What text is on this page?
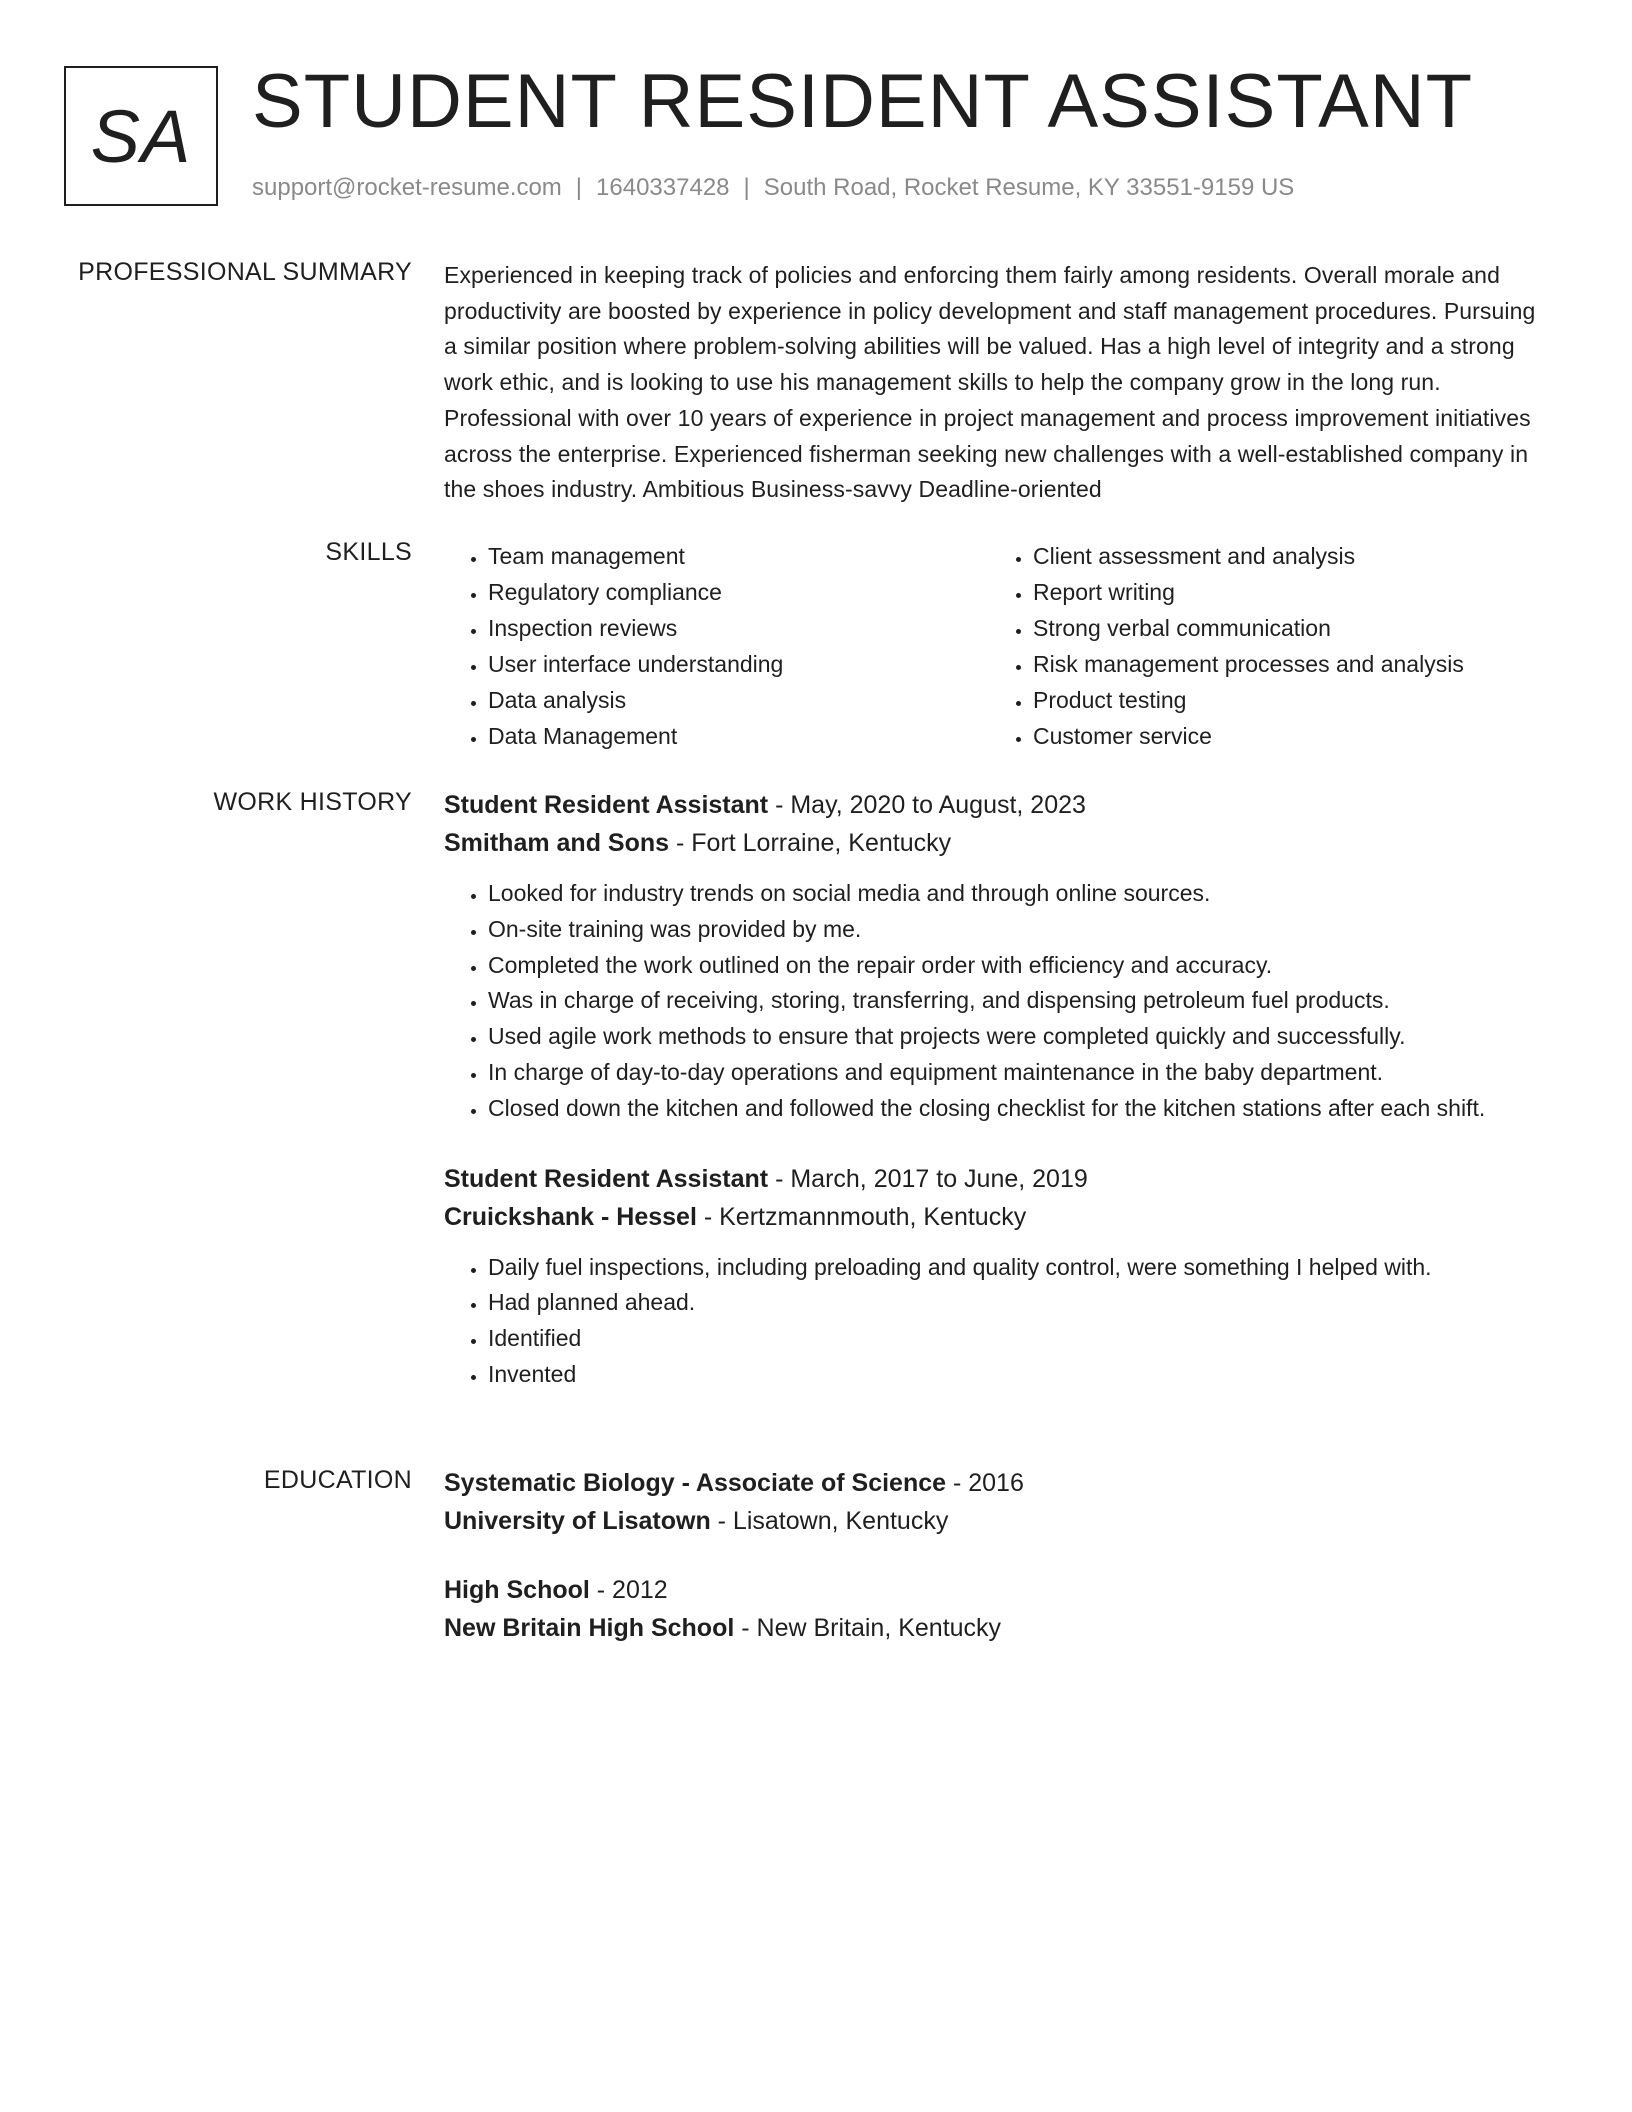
SA STUDENT RESIDENT ASSISTANT
support@rocket-resume.com | 1640337428 | South Road, Rocket Resume, KY 33551-9159 US
PROFESSIONAL SUMMARY Experienced in keeping track of policies and enforcing them fairly among residents. Overall morale and productivity are boosted by experience in policy development and staff management procedures. Pursuing a similar position where problem-solving abilities will be valued. Has a high level of integrity and a strong work ethic, and is looking to use his management skills to help the company grow in the long run. Professional with over 10 years of experience in project management and process improvement initiatives across the enterprise. Experienced fisherman seeking new challenges with a well-established company in the shoes industry. Ambitious Business-savvy Deadline-oriented

SKILLS
•	Team management
• Regulatory compliance
• Inspection reviews
• User interface understanding
• Data analysis
• Data Management
• Client assessment and analysis
• Report writing
• Strong verbal communication
• Risk management processes and analysis
• Product testing
• Customer service
WORK HISTORY Student Resident Assistant - May, 2020 to August, 2023
Smitham and Sons - Fort Lorraine, Kentucky
• Looked for industry trends on social media and through online sources.
• On-site training was provided by me.
• Completed the work outlined on the repair order with efficiency and accuracy.
• Was in charge of receiving, storing, transferring, and dispensing petroleum fuel products.
• Used agile work methods to ensure that projects were completed quickly and successfully.
• In charge of day-to-day operations and equipment maintenance in the baby department.
• Closed down the kitchen and followed the closing checklist for the kitchen stations after each shift.
Student Resident Assistant - March, 2017 to June, 2019
Cruickshank - Hessel - Kertzmannmouth, Kentucky
• Daily fuel inspections, including preloading and quality control, were something I helped with.
• Had planned ahead.
• Identified
• Invented
EDUCATION Systematic Biology - Associate of Science - 2016
University of Lisatown - Lisatown, Kentucky
High School - 2012
New Britain High School - New Britain, Kentucky
